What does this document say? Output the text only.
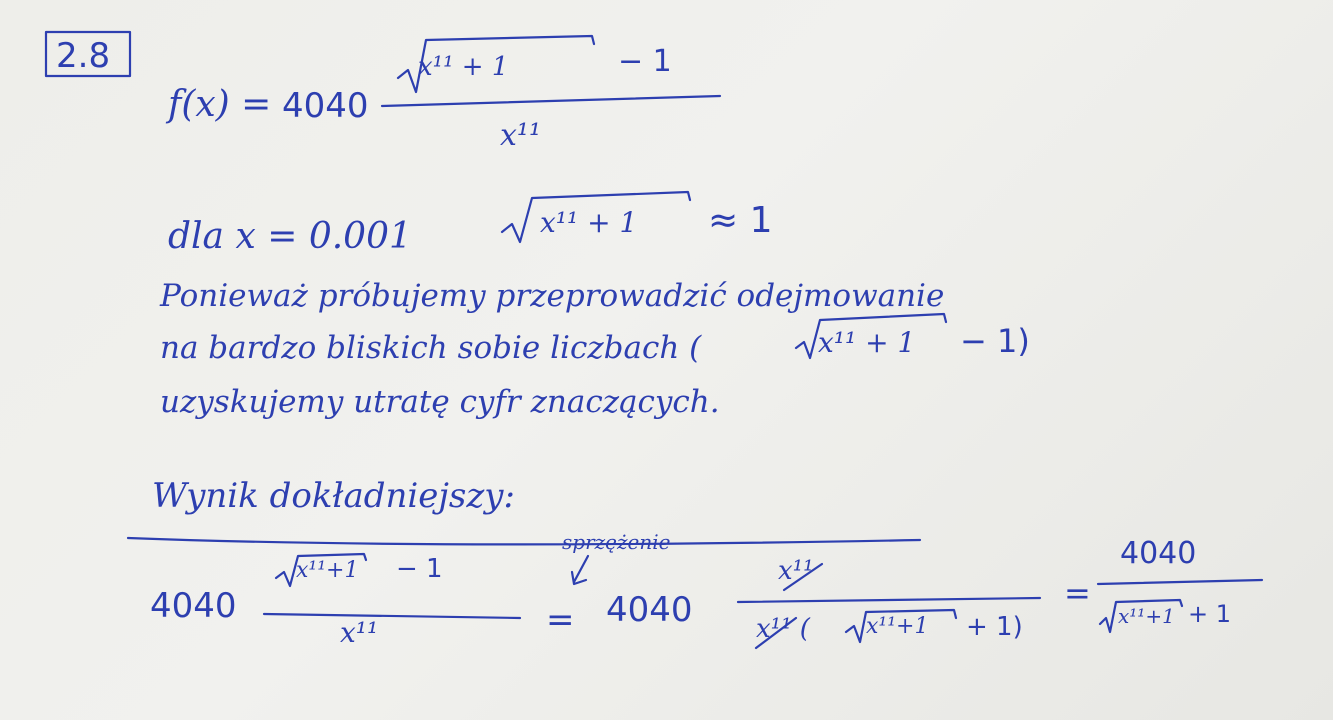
2.8
f(x) = 4040
x¹¹ + 1	− 1
x¹¹
dla x = 0.001	x¹¹ + 1 ≈ 1
Ponieważ próbujemy przeprowadzić odejmowanie
na bardzo bliskich sobie liczbach (	x¹¹ + 1 − 1)
uzyskujemy utratę cyfr znaczących.
Wynik dokładniejszy:
4040
x¹¹+1 − 1
x¹¹	=
sprzężenie
4040
x¹¹
x¹¹ (	x¹¹+1 + 1)
=
4040
x¹¹+1 + 1
